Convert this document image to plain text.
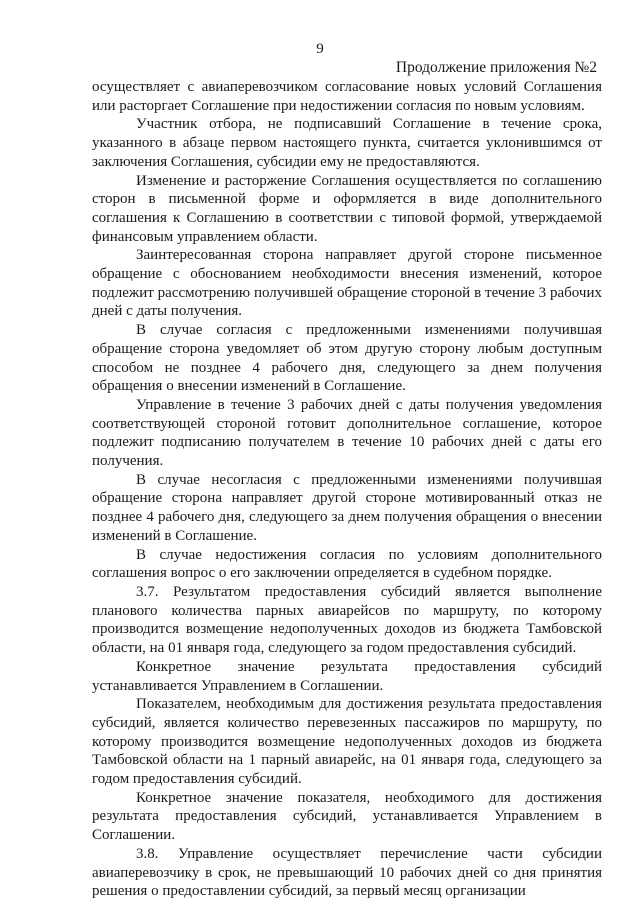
9
Продолжение приложения №2

осуществляет с авиаперевозчиком согласование новых условий Соглашения или расторгает Соглашение при недостижении согласия по новым условиям.

Участник отбора, не подписавший Соглашение в течение срока, указанного в абзаце первом настоящего пункта, считается уклонившимся от заключения Соглашения, субсидии ему не предоставляются.

Изменение и расторжение Соглашения осуществляется по соглашению сторон в письменной форме и оформляется в виде дополнительного соглашения к Соглашению в соответствии с типовой формой, утверждаемой финансовым управлением области.

Заинтересованная сторона направляет другой стороне письменное обращение с обоснованием необходимости внесения изменений, которое подлежит рассмотрению получившей обращение стороной в течение 3 рабочих дней с даты получения.

В случае согласия с предложенными изменениями получившая обращение сторона уведомляет об этом другую сторону любым доступным способом не позднее 4 рабочего дня, следующего за днем получения обращения о внесении изменений в Соглашение.

Управление в течение 3 рабочих дней с даты получения уведомления соответствующей стороной готовит дополнительное соглашение, которое подлежит подписанию получателем в течение 10 рабочих дней с даты его получения.

В случае несогласия с предложенными изменениями получившая обращение сторона направляет другой стороне мотивированный отказ не позднее 4 рабочего дня, следующего за днем получения обращения о внесении изменений в Соглашение.

В случае недостижения согласия по условиям дополнительного соглашения вопрос о его заключении определяется в судебном порядке.

3.7. Результатом предоставления субсидий является выполнение планового количества парных авиарейсов по маршруту, по которому производится возмещение недополученных доходов из бюджета Тамбовской области, на 01 января года, следующего за годом предоставления субсидий.

Конкретное значение результата предоставления субсидий устанавливается Управлением в Соглашении.

Показателем, необходимым для достижения результата предоставления субсидий, является количество перевезенных пассажиров по маршруту, по которому производится возмещение недополученных доходов из бюджета Тамбовской области на 1 парный авиарейс, на 01 января года, следующего за годом предоставления субсидий.

Конкретное значение показателя, необходимого для достижения результата предоставления субсидий, устанавливается Управлением в Соглашении.

3.8. Управление осуществляет перечисление части субсидии авиаперевозчику в срок, не превышающий 10 рабочих дней со дня принятия решения о предоставлении субсидий, за первый месяц организации
